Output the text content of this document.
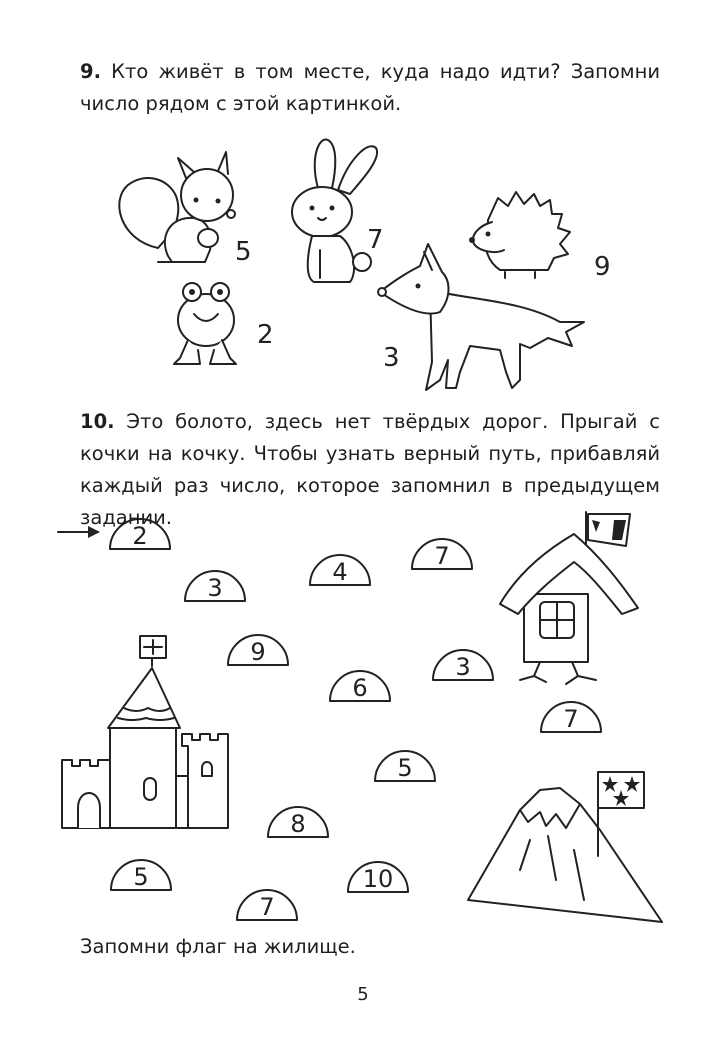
9. Кто живёт в том месте, куда надо идти? Запомни число рядом с этой картинкой.
5	7
9
2
3
2
3
4
7
9
3
6
7
5
8
5	10
7
10. Это болото, здесь нет твёрдых дорог. Прыгай с кочки на кочку. Чтобы узнать верный путь, прибавляй каждый раз число, которое запомнил в предыдущем задании.
Запомни флаг на жилище.
5
